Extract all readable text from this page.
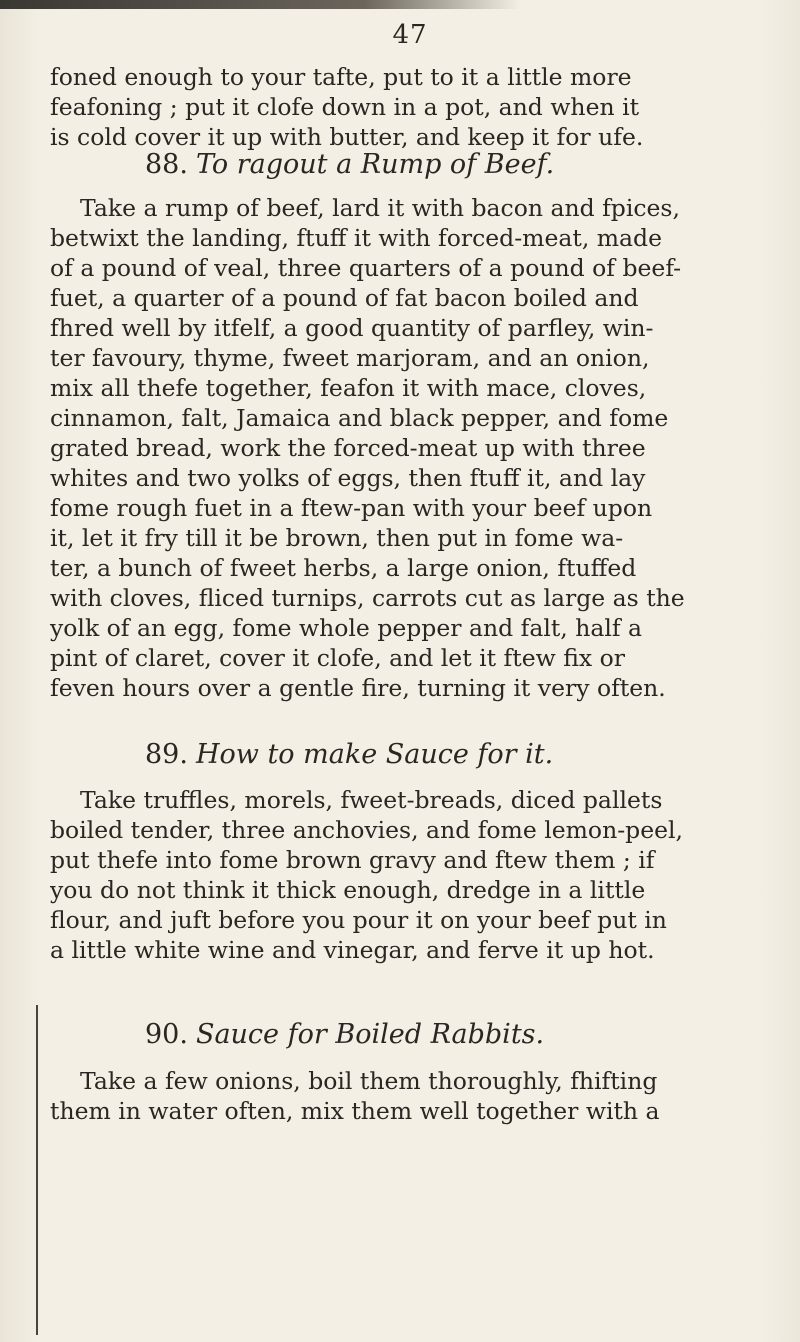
47
foned enough to your tafte, put to it a little more
feafoning ; put it clofe down in a pot, and when it
is cold cover it up with butter, and keep it for ufe.
88. To ragout a Rump of Beef.
Take a rump of beef, lard it with bacon and fpices,
betwixt the landing, ftuff it with forced-meat, made
of a pound of veal, three quarters of a pound of beef-
fuet, a quarter of a pound of fat bacon boiled and
fhred well by itfelf, a good quantity of parfley, win-
ter favoury, thyme, fweet marjoram, and an onion,
mix all thefe together, feafon it with mace, cloves,
cinnamon, falt, Jamaica and black pepper, and fome
grated bread, work the forced-meat up with three
whites and two yolks of eggs, then ftuff it, and lay
fome rough fuet in a ftew-pan with your beef upon
it, let it fry till it be brown, then put in fome wa-
ter, a bunch of fweet herbs, a large onion, ftuffed
with cloves, fliced turnips, carrots cut as large as the
yolk of an egg, fome whole pepper and falt, half a
pint of claret, cover it clofe, and let it ftew fix or
feven hours over a gentle fire, turning it very often.
89. How to make Sauce for it.
Take truffles, morels, fweet-breads, diced pallets
boiled tender, three anchovies, and fome lemon-peel,
put thefe into fome brown gravy and ftew them ; if
you do not think it thick enough, dredge in a little
flour, and juft before you pour it on your beef put in
a little white wine and vinegar, and ferve it up hot.
90. Sauce for Boiled Rabbits.
Take a few onions, boil them thoroughly, fhifting
them in water often, mix them well together with a
